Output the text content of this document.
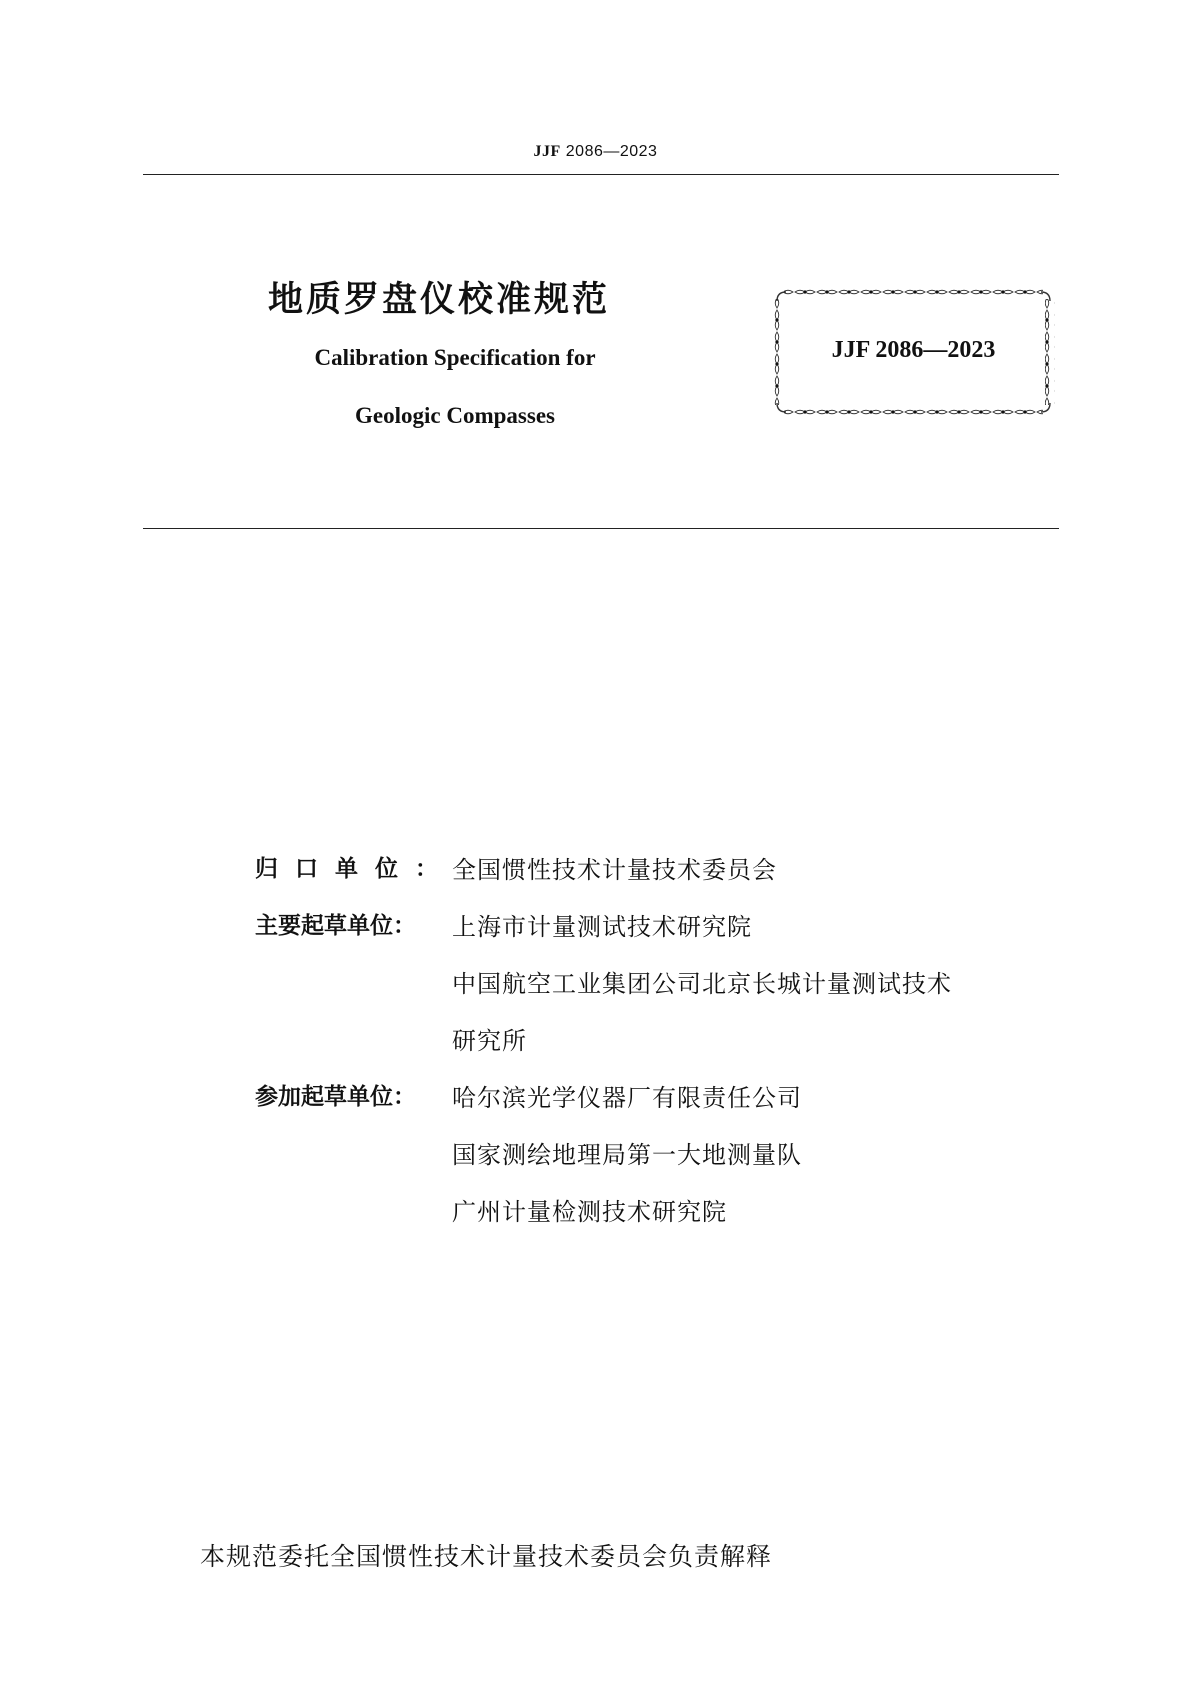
JJF 2086—2023
地质罗盘仪校准规范

Calibration Specification for

Geologic Compasses

JJF 2086—2023
归口单位：
全国惯性技术计量技术委员会
主要起草单位：	上海市计量测试技术研究院
中国航空工业集团公司北京长城计量测试技术
研究所
参加起草单位：	哈尔滨光学仪器厂有限责任公司
国家测绘地理局第一大地测量队
广州计量检测技术研究院
本规范委托全国惯性技术计量技术委员会负责解释
